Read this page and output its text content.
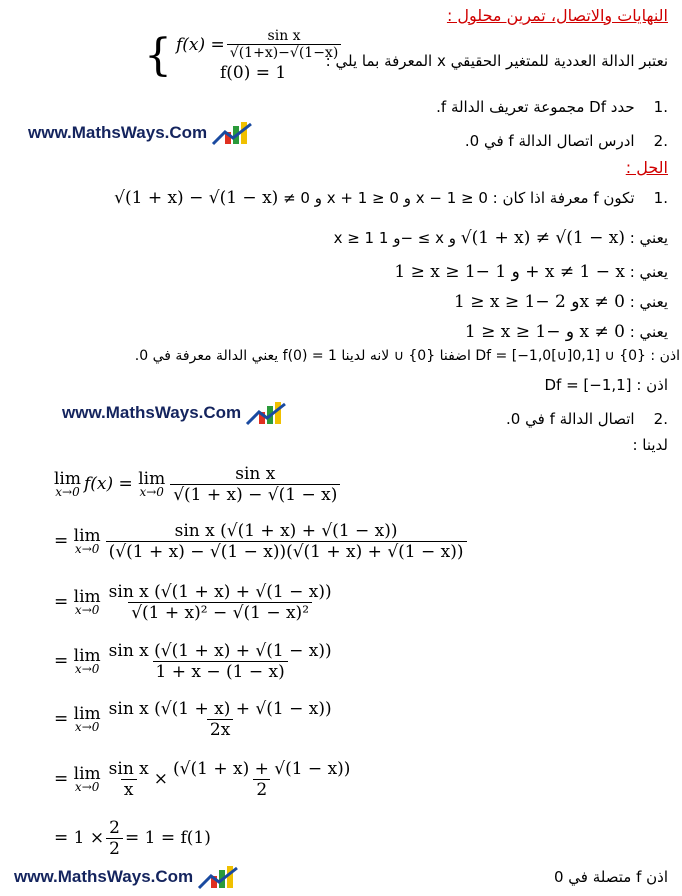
النهايات والاتصال، تمرين محلول :
نعتبر الدالة العددية للمتغير الحقيقي x المعرفة بما يلي :
{ $f(x) = \frac{\text{sin x}}{√(1+x)-√(1-x)}$
f(0) = 1
.1    حدد Df مجموعة تعريف الدالة f.
.2    ادرس اتصال الدالة f في 0.
www.MathsWays.Com
الحل :
.1    تكون f معرفة اذا كان : 0 ≤ x − 1 و 0 ≤ x + 1 و 0 ≠ √(1 + x) − √(1 − x)
يعني : x ≥ 1 و 1− ≤ x و √(1 + x) ≠ √(1 − x)
يعني : 1 ≥ x ≥ 1− و 1 + x ≠ 1 − x
يعني : 1 ≥ x ≥ 1− و 2x ≠ 0
يعني : 1 ≥ x ≥ 1− و x ≠ 0
اذن : Df = [−1,0[∪]0,1] ∪ {0} اضفنا {0} ∪ لانه لدينا f(0) = 1 يعني الدالة معرفة في 0.
اذن : Df = [−1,1]
www.MathsWays.Com	.2    اتصال الدالة f في 0.
لدينا :
lim
x→0 f(x) =
lim
$x\to 0 \frac{\text{sin x}}{√(1 + x) - √(1 - x)}$
=
lim
$x\to 0 \frac{\text{sin x (√(1 + x) + √(1 − x))}}{(√(1 + x) - √(1 - x))(√(1 + x) + √(1 - x))}$
=
lim
$x\to 0 \frac{\text{sin x (√(1 + x) + √(1 − x))}}{\text{√(1 + x)² − √(1 − x)²}}$
=
lim
$x\to 0 \frac{\text{sin x (√(1 + x) + √(1 − x))}}{1 + x - (1 - x)}$
=
lim
$x\to 0 \frac{\text{sin x (√(1 + x) + √(1 − x))}}{2x}$
=
lim
$x\to 0 \frac{\text{sin x}}{x} \times \frac{(√(1 + x) + √(1 - x))}{2}$
= $1 \times \frac{2}{2} = 1 = f(1)$
www.MathsWays.Com	اذن f متصلة في 0
